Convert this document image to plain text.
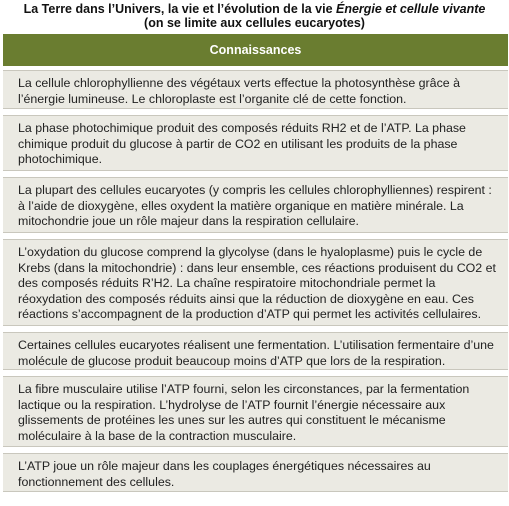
La Terre dans l’Univers, la vie et l’évolution de la vie Énergie et cellule vivante
(on se limite aux cellules eucaryotes)
Connaissances
La cellule chlorophyllienne des végétaux verts effectue la photosynthèse grâce à l’énergie lumineuse. Le chloroplaste est l’organite clé de cette fonction.
La phase photochimique produit des composés réduits RH2 et de l’ATP. La phase chimique produit du glucose à partir de CO2 en utilisant les produits de la phase photochimique.
La plupart des cellules eucaryotes (y compris les cellules chlorophylliennes) respirent : à l’aide de dioxygène, elles oxydent la matière organique en matière minérale. La mitochondrie joue un rôle majeur dans la respiration cellulaire.
L’oxydation du glucose comprend la glycolyse (dans le hyaloplasme) puis le cycle de Krebs (dans la mitochondrie) : dans leur ensemble, ces réactions produisent du CO2 et des composés réduits R’H2. La chaîne respiratoire mitochondriale permet la réoxydation des composés réduits ainsi que la réduction de dioxygène en eau. Ces réactions s’accompagnent de la production d’ATP qui permet les activités cellulaires.
Certaines cellules eucaryotes réalisent une fermentation. L’utilisation fermentaire d’une molécule de glucose produit beaucoup moins d’ATP que lors de la respiration.
La fibre musculaire utilise l’ATP fourni, selon les circonstances, par la fermentation lactique ou la respiration. L’hydrolyse de l’ATP fournit l’énergie nécessaire aux glissements de protéines les unes sur les autres qui constituent le mécanisme moléculaire à la base de la contraction musculaire.
L’ATP joue un rôle majeur dans les couplages énergétiques nécessaires au fonctionnement des cellules.
